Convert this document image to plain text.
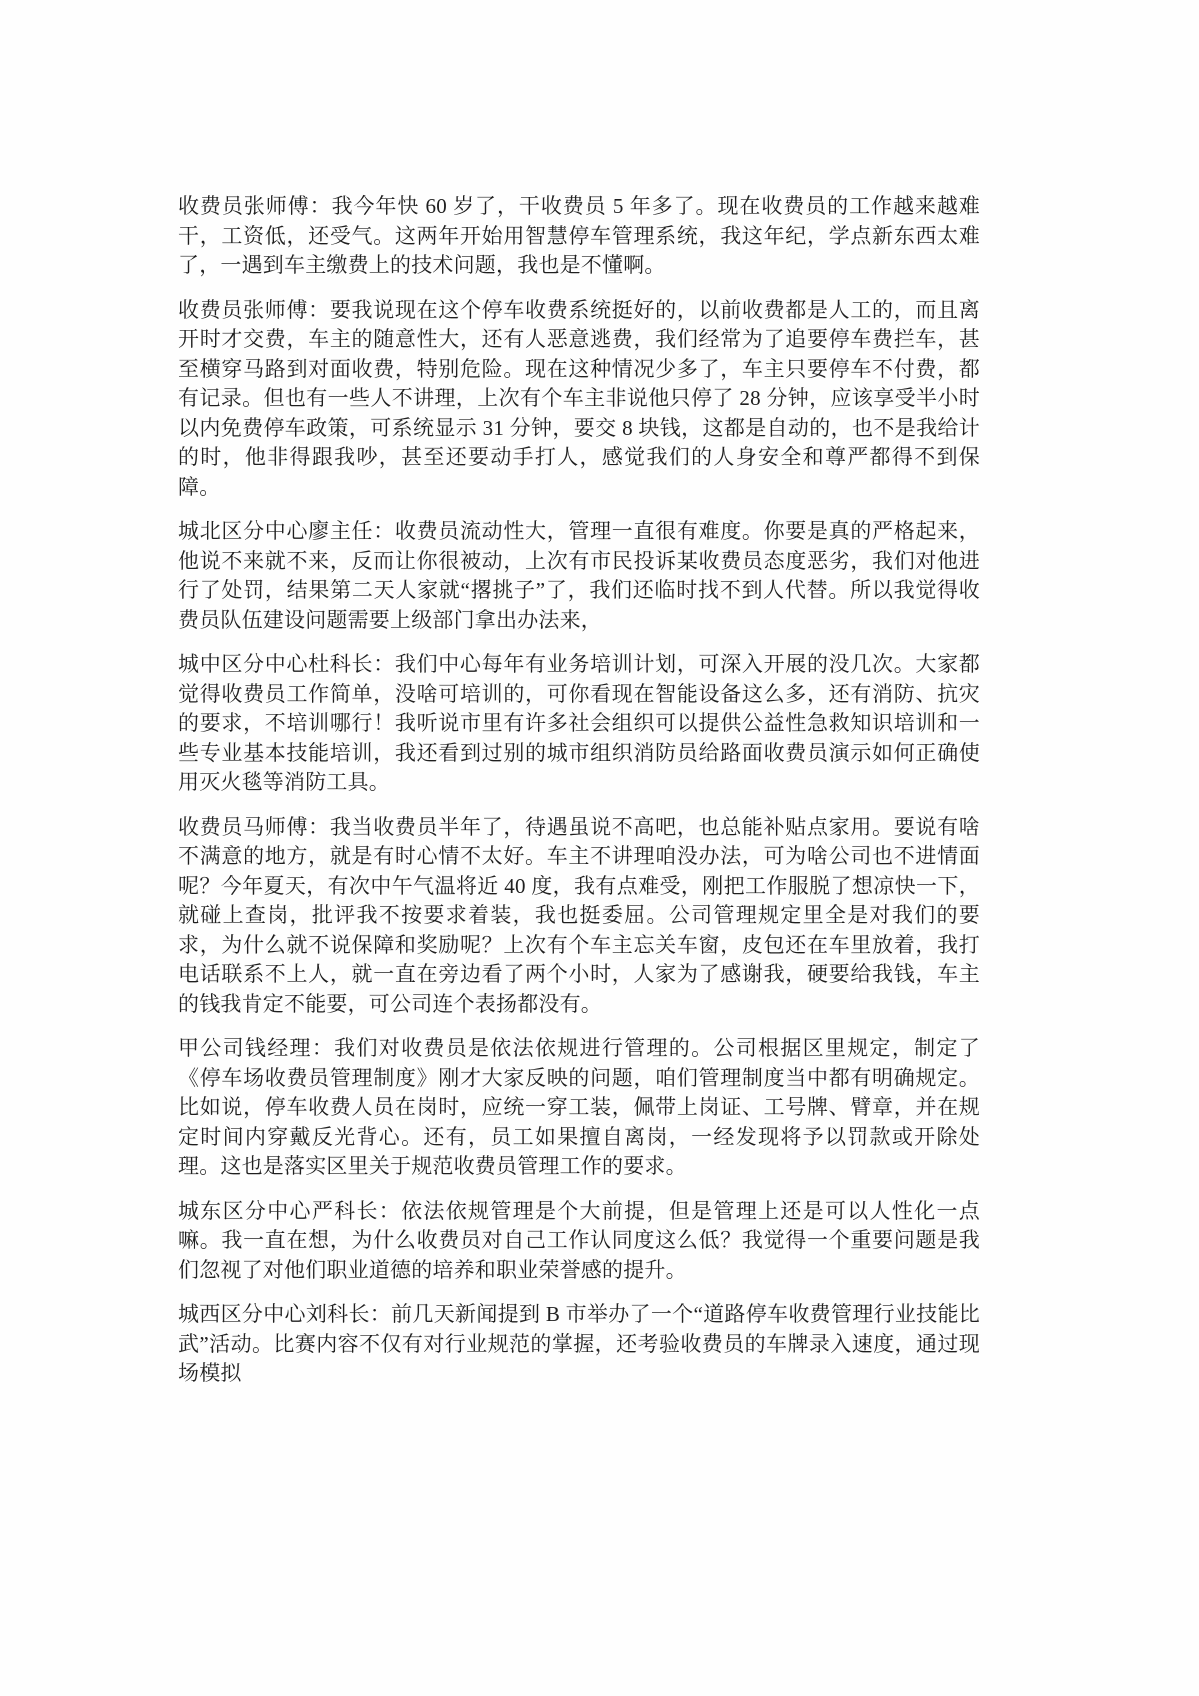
收费员张师傅：我今年快 60 岁了，干收费员 5 年多了。现在收费员的工作越来越难干，工资低，还受气。这两年开始用智慧停车管理系统，我这年纪，学点新东西太难了，一遇到车主缴费上的技术问题，我也是不懂啊。

收费员张师傅：要我说现在这个停车收费系统挺好的，以前收费都是人工的，而且离开时才交费，车主的随意性大，还有人恶意逃费，我们经常为了追要停车费拦车，甚至横穿马路到对面收费，特别危险。现在这种情况少多了，车主只要停车不付费，都有记录。但也有一些人不讲理，上次有个车主非说他只停了 28 分钟，应该享受半小时以内免费停车政策，可系统显示 31 分钟，要交 8 块钱，这都是自动的，也不是我给计的时，他非得跟我吵，甚至还要动手打人，感觉我们的人身安全和尊严都得不到保障。

城北区分中心廖主任：收费员流动性大，管理一直很有难度。你要是真的严格起来，他说不来就不来，反而让你很被动，上次有市民投诉某收费员态度恶劣，我们对他进行了处罚，结果第二天人家就“撂挑子”了，我们还临时找不到人代替。所以我觉得收费员队伍建设问题需要上级部门拿出办法来，

城中区分中心杜科长：我们中心每年有业务培训计划，可深入开展的没几次。大家都觉得收费员工作简单，没啥可培训的，可你看现在智能设备这么多，还有消防、抗灾的要求，不培训哪行！我听说市里有许多社会组织可以提供公益性急救知识培训和一些专业基本技能培训，我还看到过别的城市组织消防员给路面收费员演示如何正确使用灭火毯等消防工具。

收费员马师傅：我当收费员半年了，待遇虽说不高吧，也总能补贴点家用。要说有啥不满意的地方，就是有时心情不太好。车主不讲理咱没办法，可为啥公司也不进情面呢？今年夏天，有次中午气温将近 40 度，我有点难受，刚把工作服脱了想凉快一下，就碰上查岗，批评我不按要求着装，我也挺委屈。公司管理规定里全是对我们的要求，为什么就不说保障和奖励呢？上次有个车主忘关车窗，皮包还在车里放着，我打电话联系不上人，就一直在旁边看了两个小时，人家为了感谢我，硬要给我钱，车主的钱我肯定不能要，可公司连个表扬都没有。

甲公司钱经理：我们对收费员是依法依规进行管理的。公司根据区里规定，制定了《停车场收费员管理制度》刚才大家反映的问题，咱们管理制度当中都有明确规定。比如说，停车收费人员在岗时，应统一穿工装，佩带上岗证、工号牌、臂章，并在规定时间内穿戴反光背心。还有，员工如果擅自离岗，一经发现将予以罚款或开除处理。这也是落实区里关于规范收费员管理工作的要求。

城东区分中心严科长：依法依规管理是个大前提，但是管理上还是可以人性化一点嘛。我一直在想，为什么收费员对自己工作认同度这么低？我觉得一个重要问题是我们忽视了对他们职业道德的培养和职业荣誉感的提升。

城西区分中心刘科长：前几天新闻提到 B 市举办了一个“道路停车收费管理行业技能比武”活动。比赛内容不仅有对行业规范的掌握，还考验收费员的车牌录入速度，通过现场模拟
